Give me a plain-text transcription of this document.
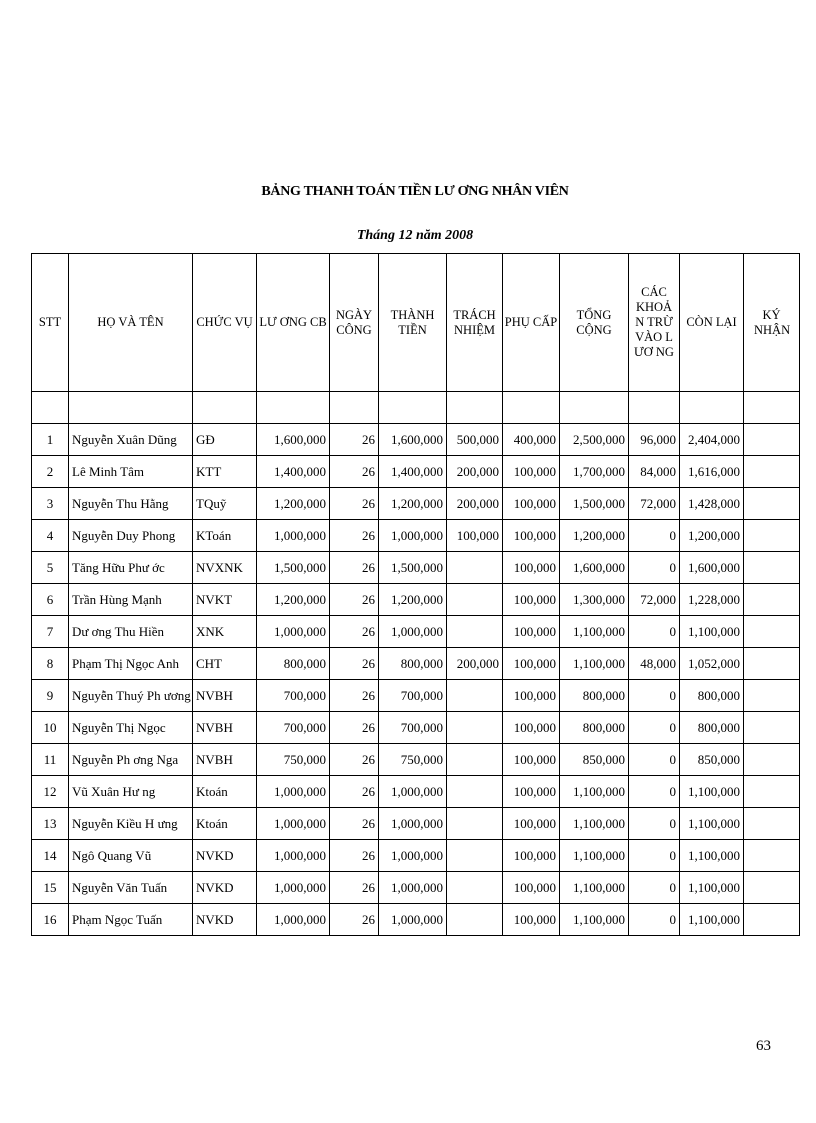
BẢNG THANH TOÁN TIỀN LƯ ƠNG NHÂN VIÊN
Tháng 12 năm 2008
STT	HỌ VÀ TÊN	CHỨC VỤ	LƯ ƠNG CB	NGÀY CÔNG	THÀNH TIỀN	TRÁCH NHIỆM	PHỤ CẤP	TỔNG CỘNG	CÁC KHOẢ N TRỪ VÀO L ƯƠ NG	CÒN LẠI	KÝ NHẬN

1	Nguyễn Xuân Dũng	GĐ	1,600,000	26	1,600,000	500,000	400,000	2,500,000	96,000	2,404,000	
2	Lê Minh Tâm	KTT	1,400,000	26	1,400,000	200,000	100,000	1,700,000	84,000	1,616,000	
3	Nguyễn Thu Hằng	TQuỹ	1,200,000	26	1,200,000	200,000	100,000	1,500,000	72,000	1,428,000	
4	Nguyễn Duy Phong	KToán	1,000,000	26	1,000,000	100,000	100,000	1,200,000	0	1,200,000	
5	Tăng Hữu Phư ớc	NVXNK	1,500,000	26	1,500,000		100,000	1,600,000	0	1,600,000	
6	Trần Hùng Mạnh	NVKT	1,200,000	26	1,200,000		100,000	1,300,000	72,000	1,228,000	
7	Dư ơng Thu Hiền	XNK	1,000,000	26	1,000,000		100,000	1,100,000	0	1,100,000	
8	Phạm Thị Ngọc Anh	CHT	800,000	26	800,000	200,000	100,000	1,100,000	48,000	1,052,000	
9	Nguyễn Thuý Ph ương	NVBH	700,000	26	700,000		100,000	800,000	0	800,000	
10	Nguyễn Thị Ngọc	NVBH	700,000	26	700,000		100,000	800,000	0	800,000	
11	Nguyễn Ph ơng Nga	NVBH	750,000	26	750,000		100,000	850,000	0	850,000	
12	Vũ Xuân Hư ng	Ktoán	1,000,000	26	1,000,000		100,000	1,100,000	0	1,100,000	
13	Nguyễn Kiều H ưng	Ktoán	1,000,000	26	1,000,000		100,000	1,100,000	0	1,100,000	
14	Ngô Quang Vũ	NVKD	1,000,000	26	1,000,000		100,000	1,100,000	0	1,100,000	
15	Nguyễn Văn Tuấn	NVKD	1,000,000	26	1,000,000		100,000	1,100,000	0	1,100,000	
16	Phạm Ngọc Tuấn	NVKD	1,000,000	26	1,000,000		100,000	1,100,000	0	1,100,000	
63
